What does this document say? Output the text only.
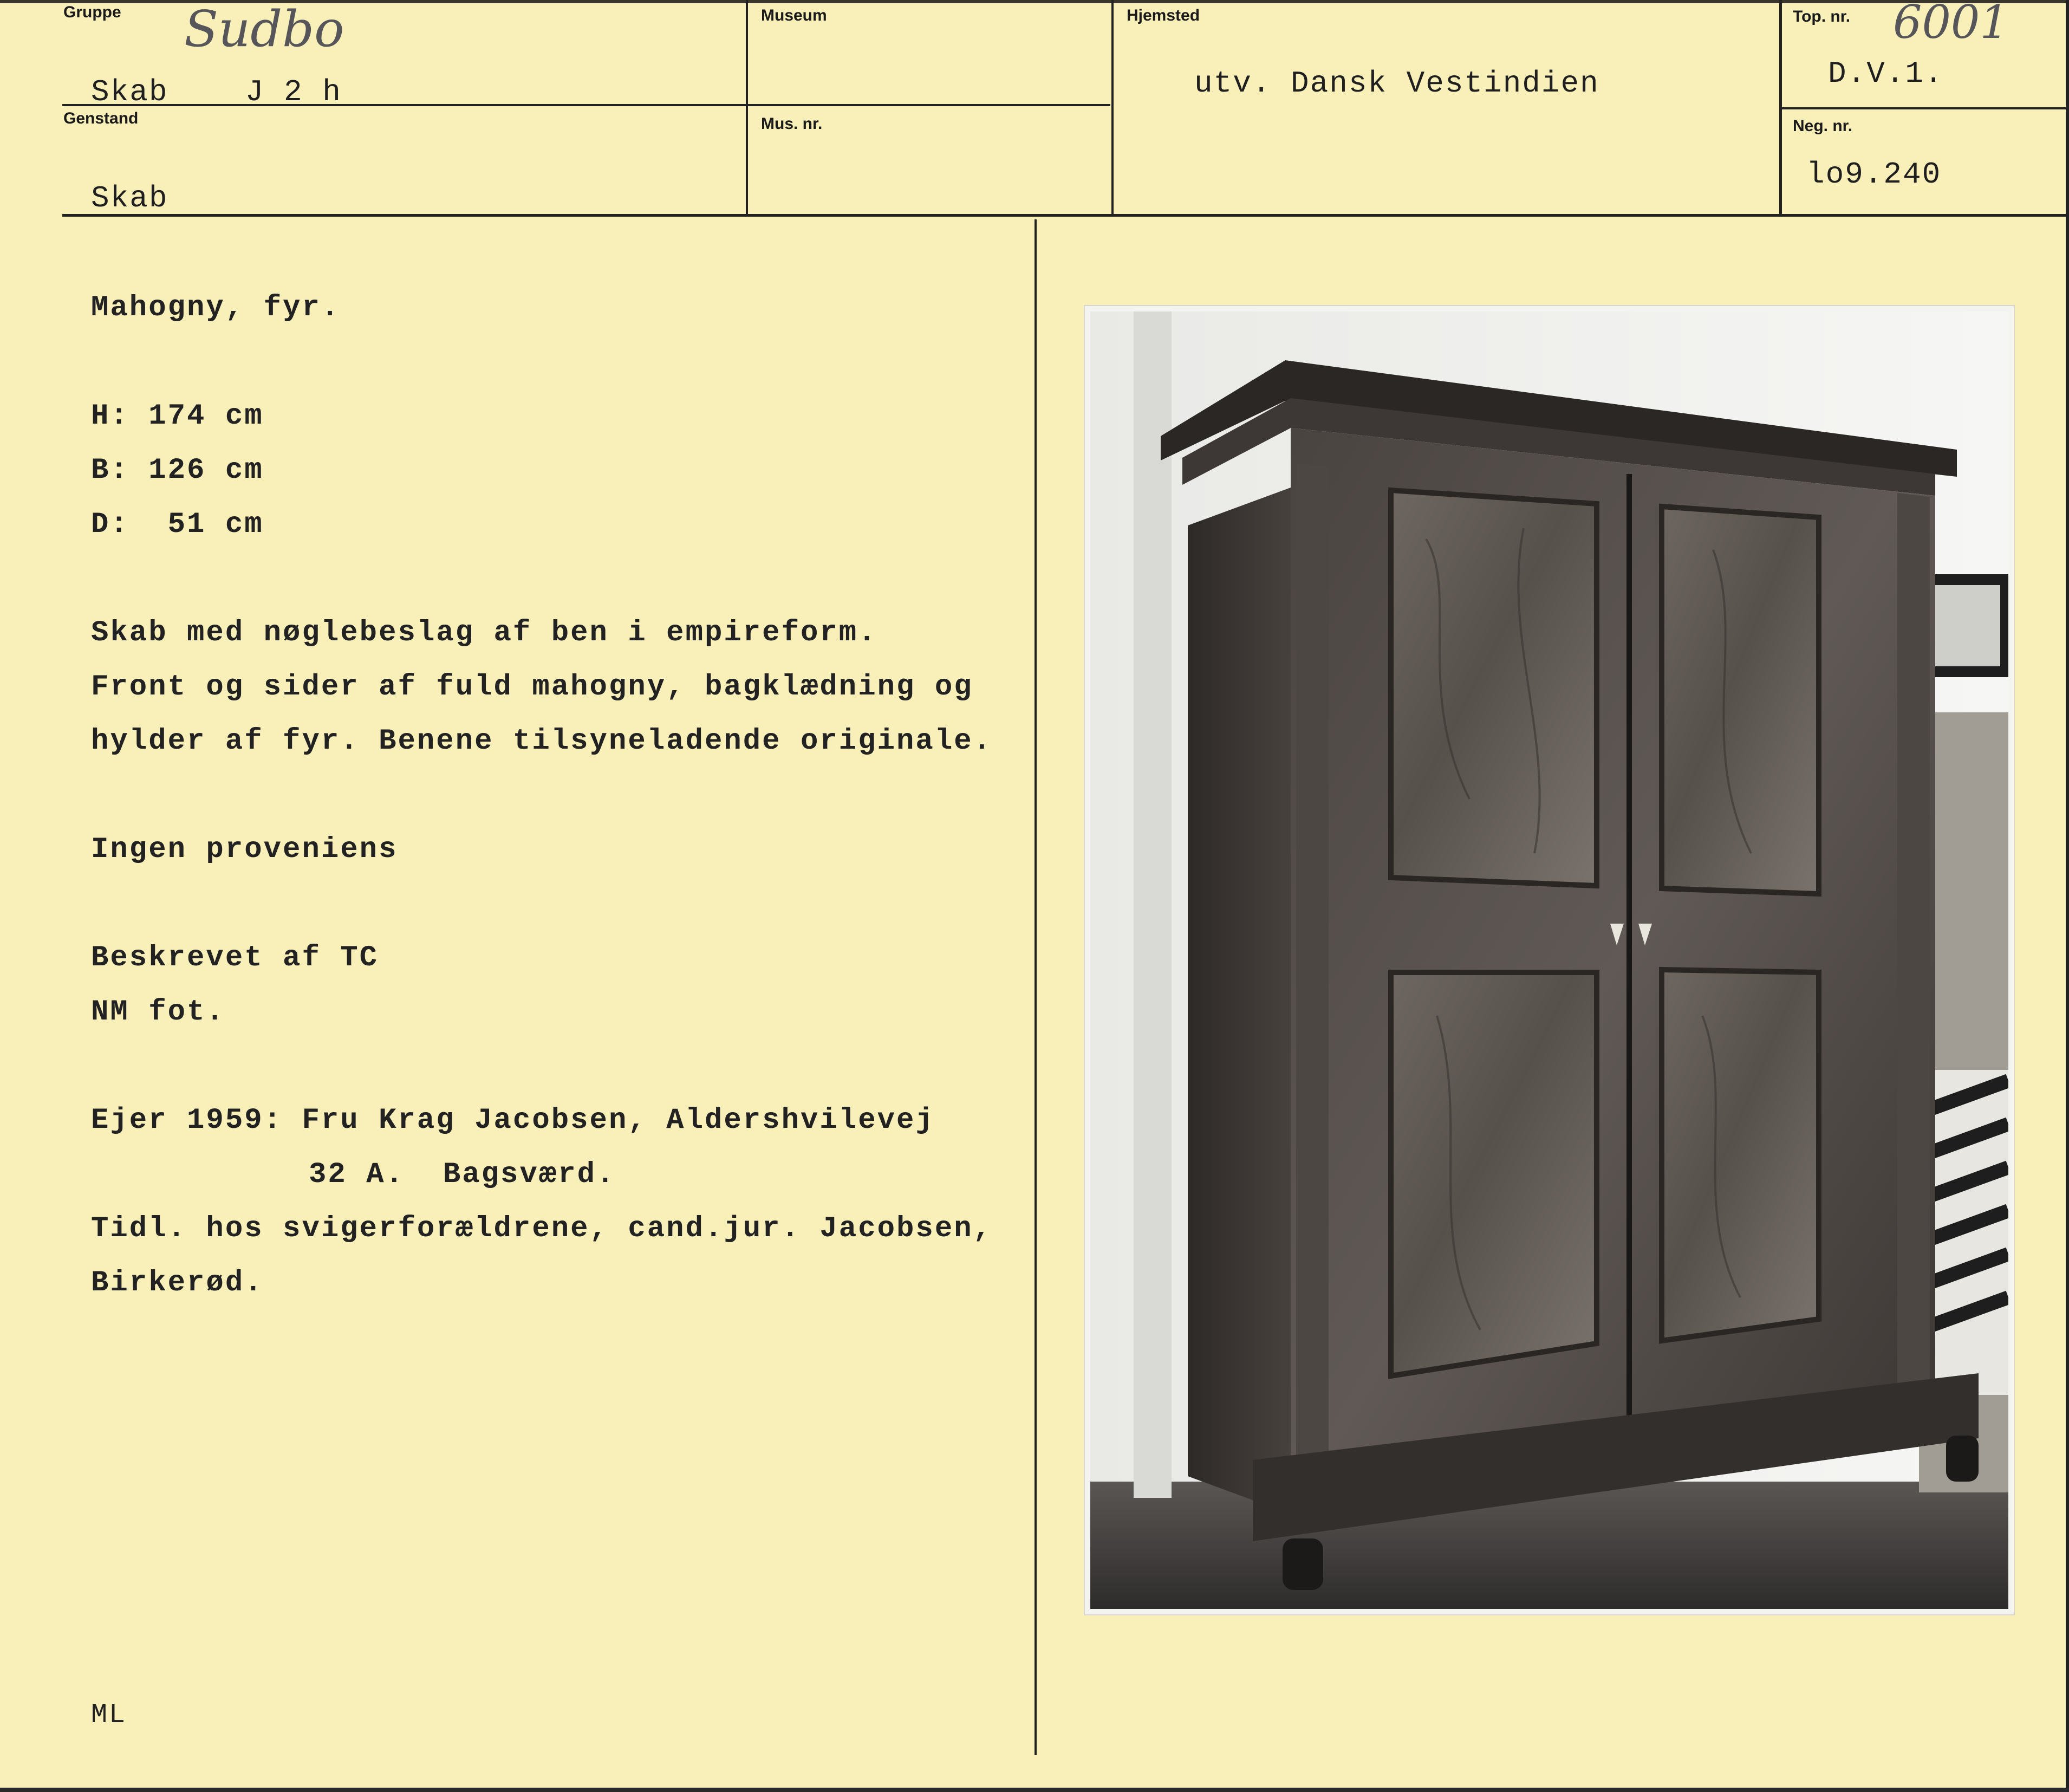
Gruppe Sudbo
Skab    J 2 h
Genstand
Skab
Museum
Mus. nr.
Hjemsted
utv. Dansk Vestindien
Top. nr. 6001
D.V.1.
Neg. nr.
lo9.240
Mahogny, fyr.
H: 174 cm
B: 126 cm
D:  51 cm
Skab med nøglebeslag af ben i empireform.
Front og sider af fuld mahogny, bagklædning og
hylder af fyr. Benene tilsyneladende originale.
Ingen proveniens
Beskrevet af TC
NM fot.
Ejer 1959: Fru Krag Jacobsen, Aldershvilevej
32 A.  Bagsværd.
Tidl. hos svigerforældrene, cand.jur. Jacobsen,
Birkerød.
ML
